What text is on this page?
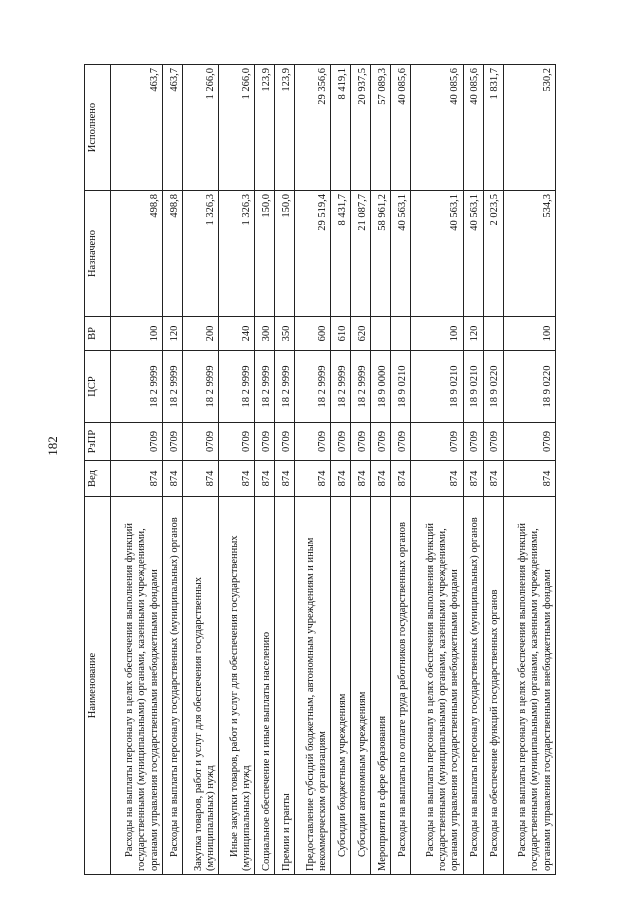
182
Наименование	Вед	РзПР	ЦСР	ВР	Назначено	Исполнено
Расходы на выплаты персоналу в целях обеспечения выполнения функций государственными (муниципальными) органами, казенными учреждениями, органами управления государственными внебюджетными фондами	874	0709	18 2 9999	100	498,8	463,7
Расходы на выплаты персоналу государственных (муниципальных) органов	874	0709	18 2 9999	120	498,8	463,7
Закупка товаров, работ и услуг для обеспечения государственных (муниципальных) нужд	874	0709	18 2 9999	200	1 326,3	1 266,0
Иные закупки товаров, работ и услуг для обеспечения государственных (муниципальных) нужд	874	0709	18 2 9999	240	1 326,3	1 266,0
Социальное обеспечение и иные выплаты населению	874	0709	18 2 9999	300	150,0	123,9
Премии и гранты	874	0709	18 2 9999	350	150,0	123,9
Предоставление субсидий бюджетным, автономным учреждениям и иным некоммерческим организациям	874	0709	18 2 9999	600	29 519,4	29 356,6
Субсидии бюджетным учреждениям	874	0709	18 2 9999	610	8 431,7	8 419,1
Субсидии автономным учреждениям	874	0709	18 2 9999	620	21 087,7	20 937,5
Мероприятия в сфере образования	874	0709	18 9 0000		58 961,2	57 089,3
Расходы на выплаты по оплате труда работников государственных органов	874	0709	18 9 0210		40 563,1	40 085,6
Расходы на выплаты персоналу в целях обеспечения выполнения функций государственными (муниципальными) органами, казенными учреждениями, органами управления государственными внебюджетными фондами	874	0709	18 9 0210	100	40 563,1	40 085,6
Расходы на выплаты персоналу государственных (муниципальных) органов	874	0709	18 9 0210	120	40 563,1	40 085,6
Расходы на обеспечение функций государственных органов	874	0709	18 9 0220		2 023,5	1 831,7
Расходы на выплаты персоналу в целях обеспечения выполнения функций государственными (муниципальными) органами, казенными учреждениями, органами управления государственными внебюджетными фондами	874	0709	18 9 0220	100	534,3	530,2
